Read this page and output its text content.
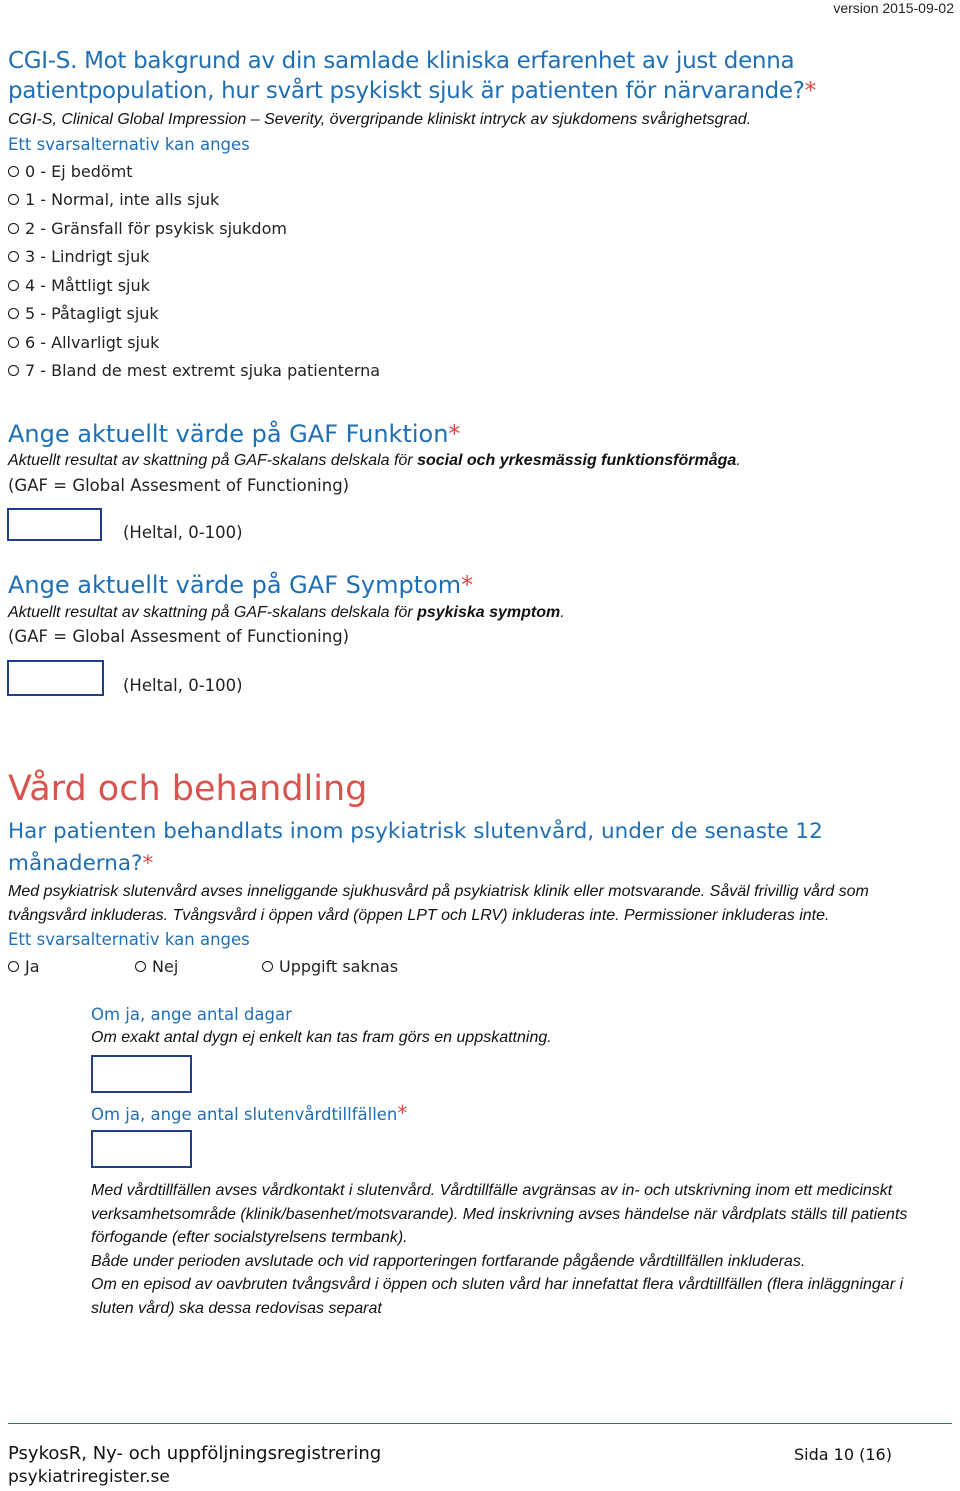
version 2015-09-02
CGI-S. Mot bakgrund av din samlade kliniska erfarenhet av just denna patientpopulation, hur svårt psykiskt sjuk är patienten för närvarande?*
CGI-S, Clinical Global Impression – Severity, övergripande kliniskt intryck av sjukdomens svårighetsgrad.
Ett svarsalternativ kan anges
0 - Ej bedömt
1 - Normal, inte alls sjuk
2 - Gränsfall för psykisk sjukdom
3 - Lindrigt sjuk
4 - Måttligt sjuk
5 - Påtagligt sjuk
6 - Allvarligt sjuk
7 - Bland de mest extremt sjuka patienterna
Ange aktuellt värde på GAF Funktion*
Aktuellt resultat av skattning på GAF-skalans delskala för social och yrkesmässig funktionsförmåga.
(GAF = Global Assesment of Functioning)
(Heltal, 0-100)
Ange aktuellt värde på GAF Symptom*
Aktuellt resultat av skattning på GAF-skalans delskala för psykiska symptom.
(GAF = Global Assesment of Functioning)
(Heltal, 0-100)
Vård och behandling
Har patienten behandlats inom psykiatrisk slutenvård, under de senaste 12 månaderna?*
Med psykiatrisk slutenvård avses inneliggande sjukhusvård på psykiatrisk klinik eller motsvarande. Såväl frivillig vård som tvångsvård inkluderas. Tvångsvård i öppen vård (öppen LPT och LRV) inkluderas inte. Permissioner inkluderas inte.
Ett svarsalternativ kan anges
Ja	Nej	Uppgift saknas
Om ja, ange antal dagar
Om exakt antal dygn ej enkelt kan tas fram görs en uppskattning.
Om ja, ange antal slutenvårdtillfällen*
Med vårdtillfällen avses vårdkontakt i slutenvård. Vårdtillfälle avgränsas av in- och utskrivning inom ett medicinskt verksamhetsområde (klinik/basenhet/motsvarande). Med inskrivning avses händelse när vårdplats ställs till patients förfogande (efter socialstyrelsens termbank).
Både under perioden avslutade och vid rapporteringen fortfarande pågående vårdtillfällen inkluderas.
Om en episod av oavbruten tvångsvård i öppen och sluten vård har innefattat flera vårdtillfällen (flera inläggningar i sluten vård) ska dessa redovisas separat
PsykosR, Ny- och uppföljningsregistrering
psykiatriregister.se
Sida 10 (16)
